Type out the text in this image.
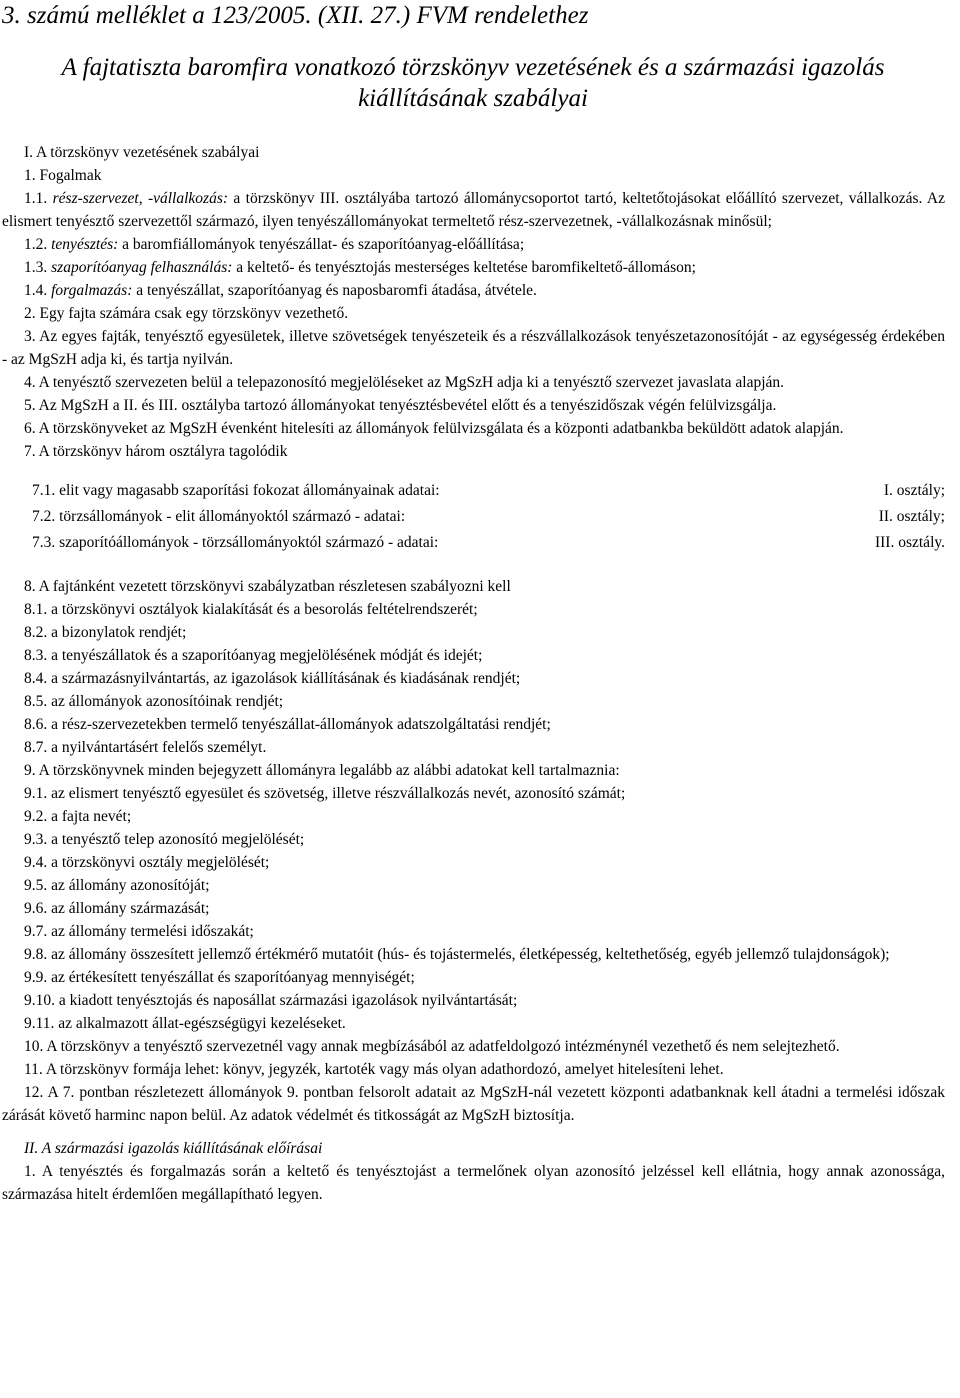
3. számú melléklet a 123/2005. (XII. 27.) FVM rendelethez
A fajtatiszta baromfira vonatkozó törzskönyv vezetésének és a származási igazolás
kiállításának szabályai

I. A törzskönyv vezetésének szabályai

1. Fogalmak

1.1. rész-szervezet, -vállalkozás: a törzskönyv III. osztályába tartozó állománycsoportot tartó, keltetőtojásokat előállító szervezet, vállalkozás. Az elismert tenyésztő szervezettől származó, ilyen tenyészállományokat termeltető rész-szervezetnek, -vállalkozásnak minősül;

1.2. tenyésztés: a baromfiállományok tenyészállat- és szaporítóanyag-előállítása;

1.3. szaporítóanyag felhasználás: a keltető- és tenyésztojás mesterséges keltetése baromfikeltető-állomáson;

1.4. forgalmazás: a tenyészállat, szaporítóanyag és naposbaromfi átadása, átvétele.

2. Egy fajta számára csak egy törzskönyv vezethető.

3. Az egyes fajták, tenyésztő egyesületek, illetve szövetségek tenyészeteik és a részvállalkozások tenyészetazonosítóját - az egységesség érdekében - az MgSzH adja ki, és tartja nyilván.

4. A tenyésztő szervezeten belül a telepazonosító megjelöléseket az MgSzH adja ki a tenyésztő szervezet javaslata alapján.

5. Az MgSzH a II. és III. osztályba tartozó állományokat tenyésztésbevétel előtt és a tenyészidőszak végén felülvizsgálja.

6. A törzskönyveket az MgSzH évenként hitelesíti az állományok felülvizsgálata és a központi adatbankba beküldött adatok alapján.

7. A törzskönyv három osztályra tagolódik

7.1. elit vagy magasabb szaporítási fokozat állományainak adatai:	I. osztály;
7.2. törzsállományok - elit állományoktól származó - adatai:	II. osztály;
7.3. szaporítóállományok - törzsállományoktól származó - adatai:	III. osztály.

8. A fajtánként vezetett törzskönyvi szabályzatban részletesen szabályozni kell

8.1. a törzskönyvi osztályok kialakítását és a besorolás feltételrendszerét;

8.2. a bizonylatok rendjét;

8.3. a tenyészállatok és a szaporítóanyag megjelölésének módját és idejét;

8.4. a származásnyilvántartás, az igazolások kiállításának és kiadásának rendjét;

8.5. az állományok azonosítóinak rendjét;

8.6. a rész-szervezetekben termelő tenyészállat-állományok adatszolgáltatási rendjét;

8.7. a nyilvántartásért felelős személyt.

9. A törzskönyvnek minden bejegyzett állományra legalább az alábbi adatokat kell tartalmaznia:

9.1. az elismert tenyésztő egyesület és szövetség, illetve részvállalkozás nevét, azonosító számát;

9.2. a fajta nevét;

9.3. a tenyésztő telep azonosító megjelölését;

9.4. a törzskönyvi osztály megjelölését;

9.5. az állomány azonosítóját;

9.6. az állomány származását;

9.7. az állomány termelési időszakát;

9.8. az állomány összesített jellemző értékmérő mutatóit (hús- és tojástermelés, életképesség, keltethetőség, egyéb jellemző tulajdonságok);

9.9. az értékesített tenyészállat és szaporítóanyag mennyiségét;

9.10. a kiadott tenyésztojás és naposállat származási igazolások nyilvántartását;

9.11. az alkalmazott állat-egészségügyi kezeléseket.

10. A törzskönyv a tenyésztő szervezetnél vagy annak megbízásából az adatfeldolgozó intézménynél vezethető és nem selejtezhető.

11. A törzskönyv formája lehet: könyv, jegyzék, kartoték vagy más olyan adathordozó, amelyet hitelesíteni lehet.

12. A 7. pontban részletezett állományok 9. pontban felsorolt adatait az MgSzH-nál vezetett központi adatbanknak kell átadni a termelési időszak zárását követő harminc napon belül. Az adatok védelmét és titkosságát az MgSzH biztosítja.

II. A származási igazolás kiállításának előírásai

1. A tenyésztés és forgalmazás során a keltető és tenyésztojást a termelőnek olyan azonosító jelzéssel kell ellátnia, hogy annak azonossága, származása hitelt érdemlően megállapítható legyen.
